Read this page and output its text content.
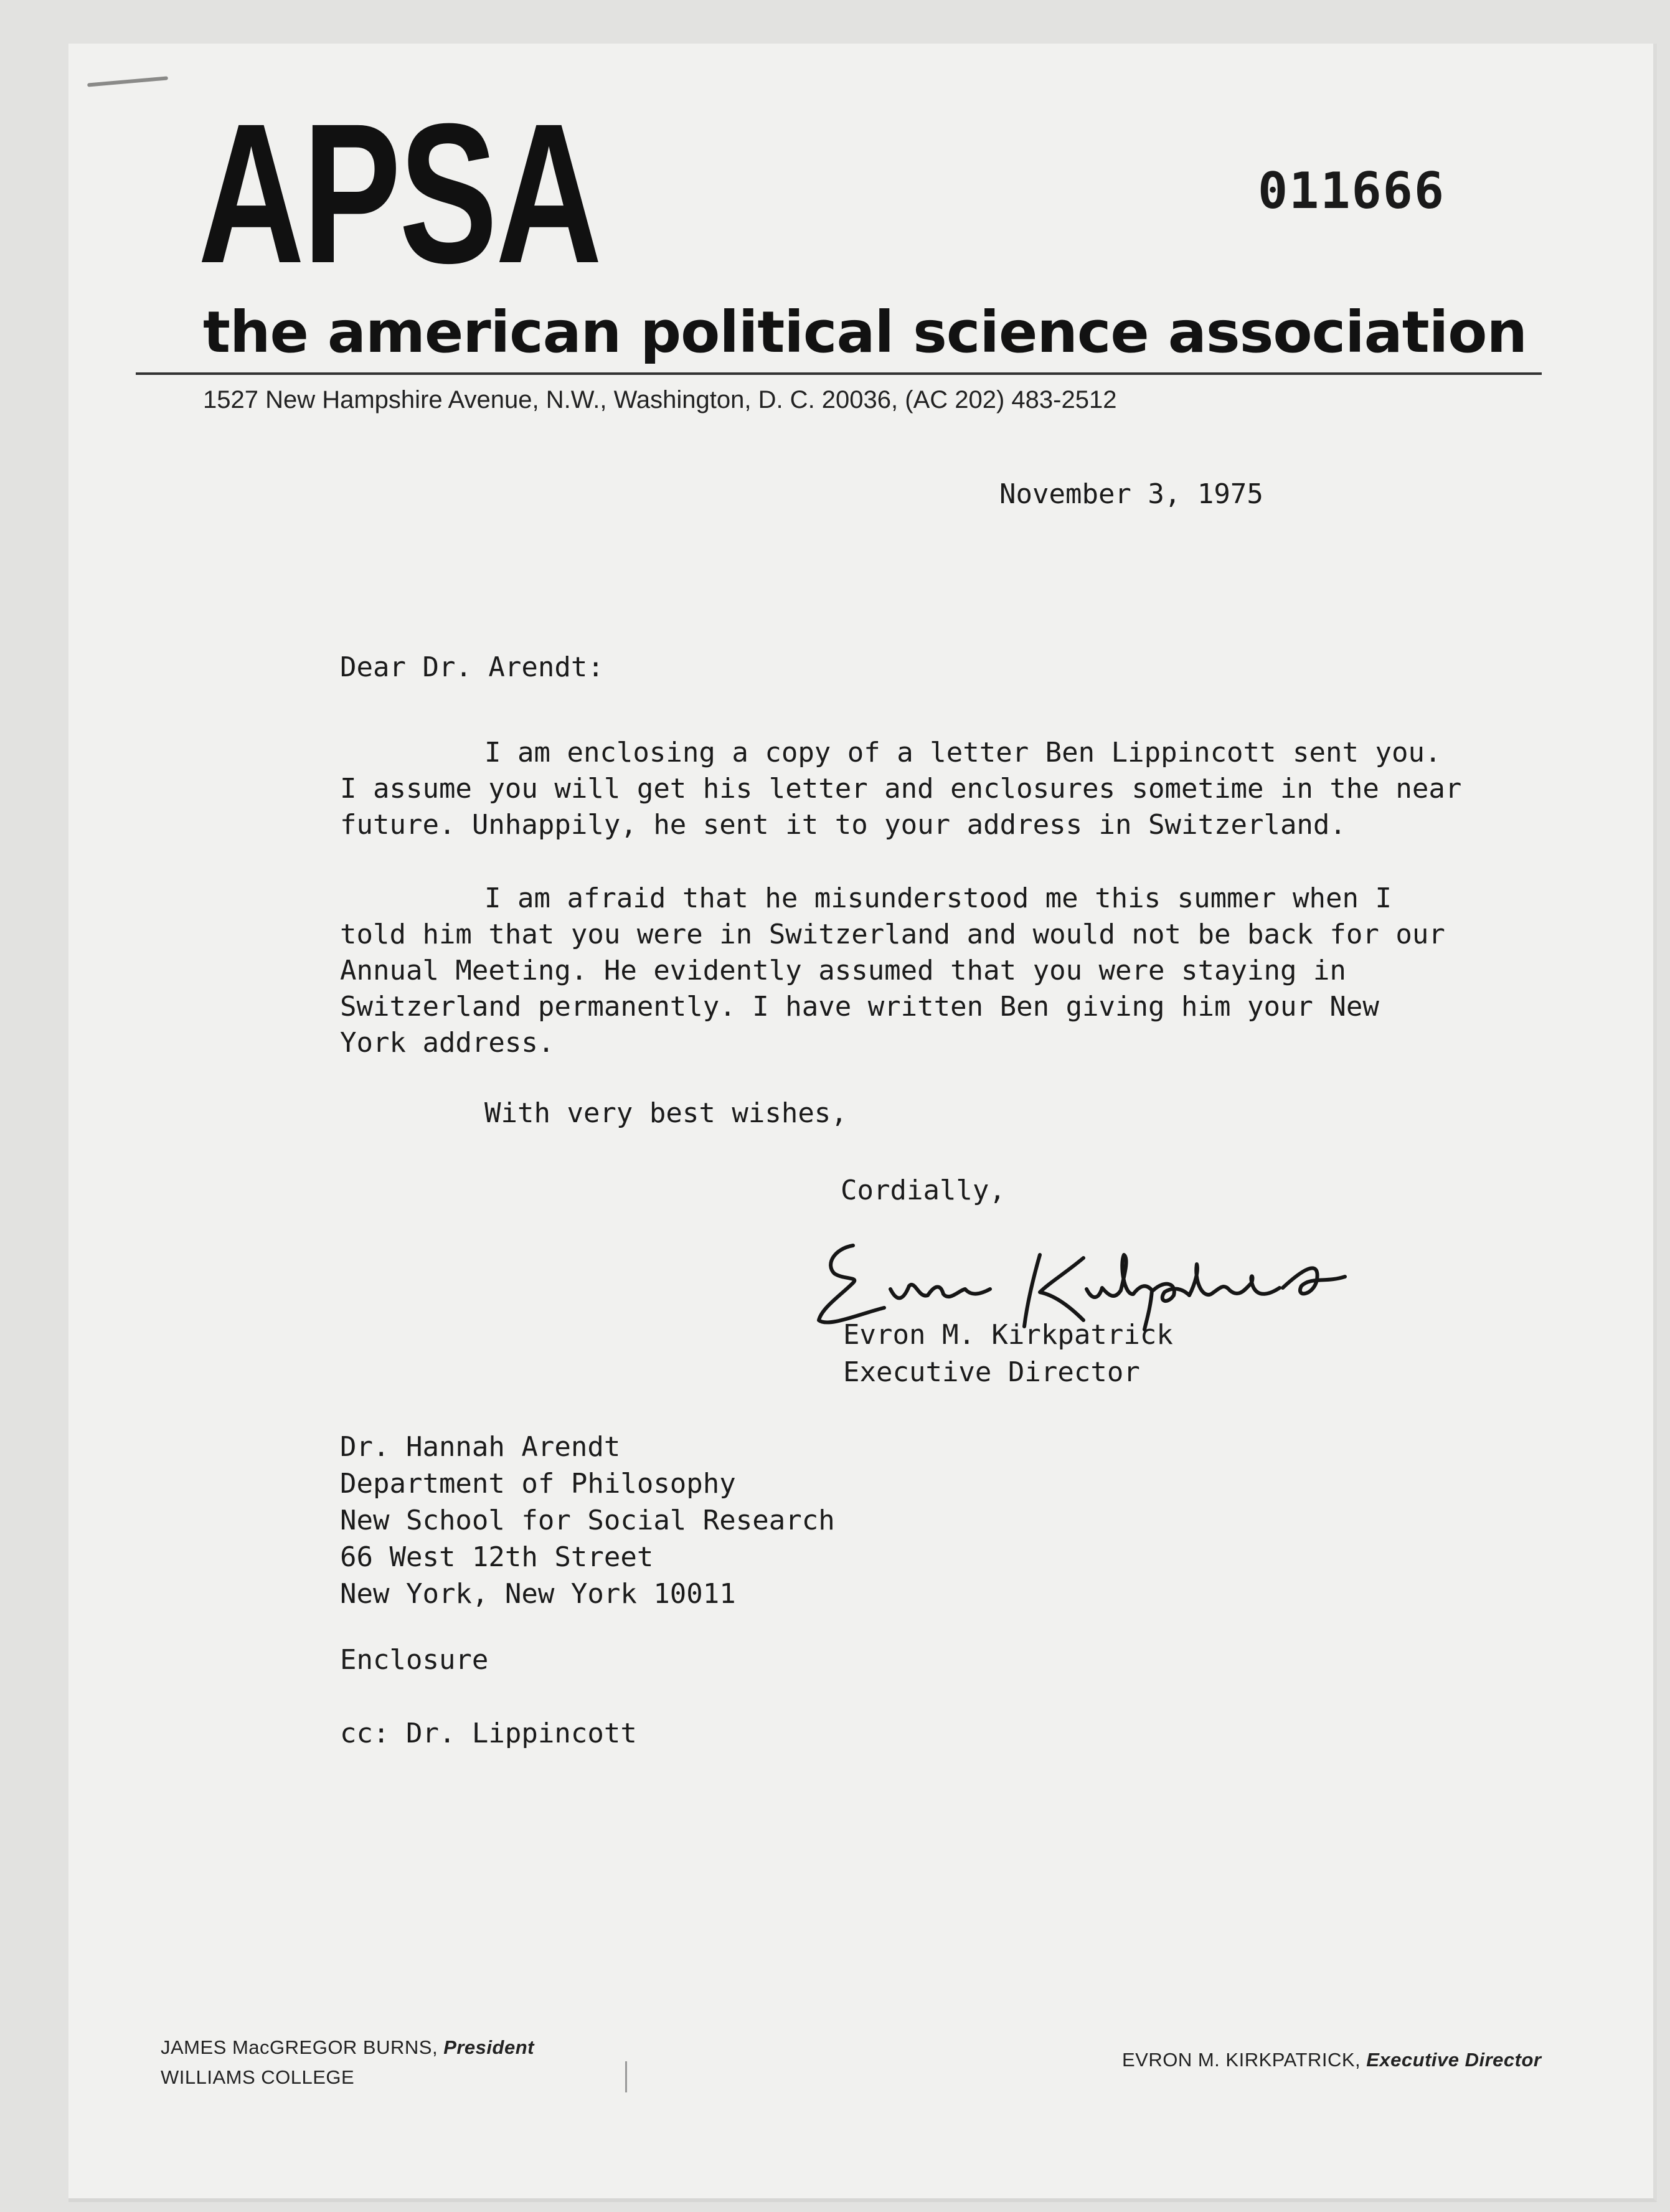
APSA	011666
the american political science association
1527 New Hampshire Avenue, N.W., Washington, D. C. 20036, (AC 202) 483-2512
November 3, 1975
Dear Dr. Arendt:
I am enclosing a copy of a letter Ben Lippincott sent you.
I assume you will get his letter and enclosures sometime in the near
future. Unhappily, he sent it to your address in Switzerland.
I am afraid that he misunderstood me this summer when I
told him that you were in Switzerland and would not be back for our
Annual Meeting. He evidently assumed that you were staying in
Switzerland permanently. I have written Ben giving him your New
York address.
With very best wishes,
Cordially,
Evron M. Kirkpatrick
Executive Director
Dr. Hannah Arendt
Department of Philosophy
New School for Social Research
66 West 12th Street
New York, New York 10011
Enclosure
cc: Dr. Lippincott
JAMES MacGREGOR BURNS, President
WILLIAMS COLLEGE
EVRON M. KIRKPATRICK, Executive Director
